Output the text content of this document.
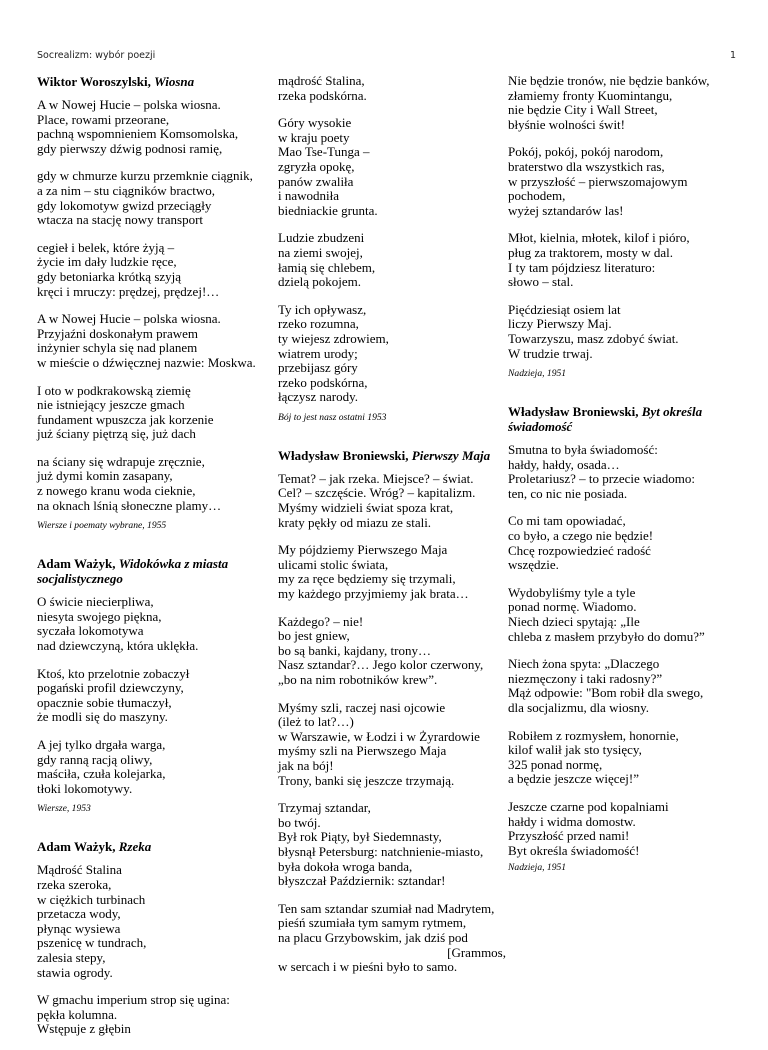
Socrealizm: wybór poezji	1
Wiktor Woroszylski, Wiosna

A w Nowej Hucie – polska wiosna.
Place, rowami przeorane,
pachną wspomnieniem Komsomolska,
gdy pierwszy dźwig podnosi ramię,

gdy w chmurze kurzu przemknie ciągnik,
a za nim – stu ciągników bractwo,
gdy lokomotyw gwizd przeciągły
wtacza na stację nowy transport

cegieł i belek, które żyją –
życie im dały ludzkie ręce,
gdy betoniarka krótką szyją
kręci i mruczy: prędzej, prędzej!…

A w Nowej Hucie – polska wiosna.
Przyjaźni doskonałym prawem
inżynier schyla się nad planem
w mieście o dźwięcznej nazwie: Moskwa.

I oto w podkrakowską ziemię
nie istniejący jeszcze gmach
fundament wpuszcza jak korzenie
już ściany piętrzą się, już dach

na ściany się wdrapuje zręcznie,
już dymi komin zasapany,
z nowego kranu woda cieknie,
na oknach lśnią słoneczne plamy…

Wiersze i poematy wybrane, 1955
Adam Ważyk, Widokówka z miasta socjalistycznego

O świcie niecierpliwa,
niesyta swojego piękna,
syczała lokomotywa
nad dziewczyną, która uklękła.

Ktoś, kto przelotnie zobaczył
pogański profil dziewczyny,
opacznie sobie tłumaczył,
że modli się do maszyny.

A jej tylko drgała warga,
gdy ranną racją oliwy,
maściła, czuła kolejarka,
tłoki lokomotywy.

Wiersze, 1953
Adam Ważyk, Rzeka

Mądrość Stalina
rzeka szeroka,
w ciężkich turbinach
przetacza wody,
płynąc wysiewa
pszenicę w tundrach,
zalesia stepy,
stawia ogrody.

W gmachu imperium strop się ugina:
pękła kolumna.
Wstępuje z głębin

mądrość Stalina,
rzeka podskórna.

Góry wysokie
w kraju poety
Mao Tse-Tunga –
zgryzła opokę,
panów zwaliła
i nawodniła
biedniackie grunta.

Ludzie zbudzeni
na ziemi swojej,
łamią się chlebem,
dzielą pokojem.

Ty ich opływasz,
rzeko rozumna,
ty wiejesz zdrowiem,
wiatrem urody;
przebijasz góry
rzeko podskórna,
łączysz narody.

Bój to jest nasz ostatni 1953
Władysław Broniewski, Pierwszy Maja

Temat? – jak rzeka. Miejsce? – świat.
Cel? – szczęście. Wróg? – kapitalizm.
Myśmy widzieli świat spoza krat,
kraty pękły od miazu ze stali.

My pójdziemy Pierwszego Maja
ulicami stolic świata,
my za ręce będziemy się trzymali,
my każdego przyjmiemy jak brata…

Każdego? – nie!
bo jest gniew,
bo są banki, kajdany, trony…
Nasz sztandar?… Jego kolor czerwony,
„bo na nim robotników krew”.

Myśmy szli, raczej nasi ojcowie
(ileż to lat?…)
w Warszawie, w Łodzi i w Żyrardowie
myśmy szli na Pierwszego Maja
jak na bój!
Trony, banki się jeszcze trzymają.

Trzymaj sztandar,
bo twój.
Był rok Piąty, był Siedemnasty,
błysnął Petersburg: natchnienie-miasto,
była dokoła wroga banda,
błyszczał Październik: sztandar!

Ten sam sztandar szumiał nad Madrytem,
pieśń szumiała tym samym rytmem,
na placu Grzybowskim, jak dziś pod
[Grammos,
w sercach i w pieśni było to samo.

Nie będzie tronów, nie będzie banków,
złamiemy fronty Kuomintangu,
nie będzie City i Wall Street,
błyśnie wolności świt!

Pokój, pokój, pokój narodom,
braterstwo dla wszystkich ras,
w przyszłość – pierwszomajowym
pochodem,
wyżej sztandarów las!

Młot, kielnia, młotek, kilof i pióro,
pług za traktorem, mosty w dal.
I ty tam pójdziesz literaturo:
słowo – stal.

Pięćdziesiąt osiem lat
liczy Pierwszy Maj.
Towarzyszu, masz zdobyć świat.
W trudzie trwaj.

Nadzieja, 1951
Władysław Broniewski, Byt określa świadomość

Smutna to była świadomość:
hałdy, hałdy, osada…
Proletariusz? – to przecie wiadomo:
ten, co nic nie posiada.

Co mi tam opowiadać,
co było, a czego nie będzie!
Chcę rozpowiedzieć radość
wszędzie.

Wydobyliśmy tyle a tyle
ponad normę. Wiadomo.
Niech dzieci spytają: „Ile
chleba z masłem przybyło do domu?”

Niech żona spyta: „Dlaczego
niezmęczony i taki radosny?”
Mąż odpowie: "Bom robił dla swego,
dla socjalizmu, dla wiosny.

Robiłem z rozmysłem, honornie,
kilof walił jak sto tysięcy,
325 ponad normę,
a będzie jeszcze więcej!”

Jeszcze czarne pod kopalniami
hałdy i widma domostw.
Przyszłość przed nami!
Byt określa świadomość!

Nadzieja, 1951
